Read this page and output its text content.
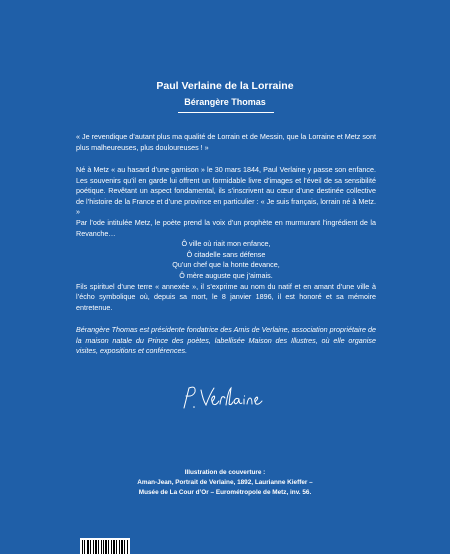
Paul Verlaine de la Lorraine
Bérangère Thomas
« Je revendique d’autant plus ma qualité de Lorrain et de Messin, que la Lorraine et Metz sont plus malheureuses, plus douloureuses ! »
Né à Metz « au hasard d’une garnison » le 30 mars 1844, Paul Verlaine y passe son enfance. Les souvenirs qu’il en garde lui offrent un formidable livre d’images et l’éveil de sa sensibilité poétique. Revêtant un aspect fondamental, ils s’inscrivent au cœur d’une destinée collective de l’histoire de la France et d’une province en particulier : « Je suis français, lorrain né à Metz. »
Par l’ode intitulée Metz, le poète prend la voix d’un prophète en murmurant l’ingrédient de la Revanche…
Ô ville où riait mon enfance,
Ô citadelle sans défense
Qu’un chef que la honte devance,
Ô mère auguste que j’aimais.
Fils spirituel d’une terre « annexée », il s’exprime au nom du natif et en amant d’une ville à l’écho symbolique où, depuis sa mort, le 8 janvier 1896, il est honoré et sa mémoire entretenue.
Bérangère Thomas est présidente fondatrice des Amis de Verlaine, association propriétaire de la maison natale du Prince des poètes, labellisée Maison des Illustres, où elle organise visites, expositions et conférences.
Illustration de couverture :
Aman-Jean, Portrait de Verlaine, 1892, Laurianne Kieffer –
Musée de La Cour d’Or – Eurométropole de Metz, inv. 56.
